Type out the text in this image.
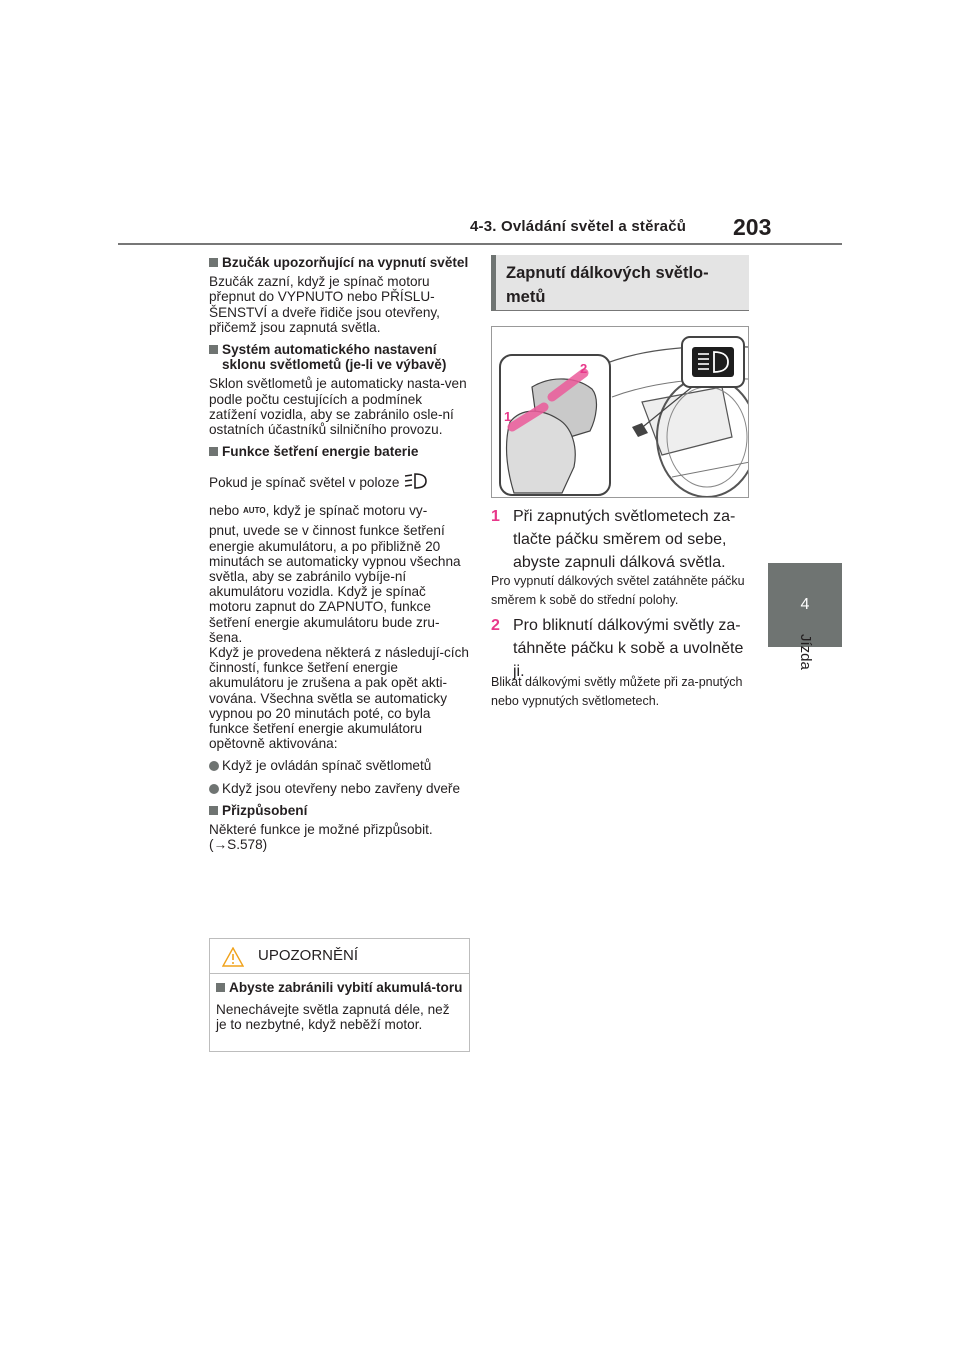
4-3. Ovládání světel a stěračů 203
4
Jízda
Bzučák upozorňující na vypnutí světel

Bzučák zazní, když je spínač motoru přepnut do VYPNUTO nebo PŘÍSLU-ŠENSTVÍ a dveře řidiče jsou otevřeny, přičemž jsou zapnutá světla.

Systém automatického nastavení sklonu světlometů (je-li ve výbavě)

Sklon světlometů je automaticky nasta-ven podle počtu cestujících a podmínek zatížení vozidla, aby se zabránilo osle-ní ostatních účastníků silničního provozu.

Funkce šetření energie baterie

Pokud je spínač světel v poloze

nebo AUTO, když je spínač motoru vy-

pnut, uvede se v činnost funkce šetření energie akumulátoru, a po přibližně 20 minutách se automaticky vypnou všechna světla, aby se zabránilo vybíje-ní akumulátoru vozidla. Když je spínač motoru zapnut do ZAPNUTO, funkce šetření energie akumulátoru bude zru-šena.

Když je provedena některá z následují-cích činností, funkce šetření energie akumulátoru je zrušena a pak opět akti-vována. Všechna světla se automaticky vypnou po 20 minutách poté, co byla funkce šetření energie akumulátoru opětovně aktivována:

Když je ovládán spínač světlometů
Když jsou otevřeny nebo zavřeny dveře
Přizpůsobení

Některé funkce je možné přizpůsobit.

(→S.578)

UPOZORNĚNÍ
Abyste zabránili vybití akumulá-toru

Nenechávejte světla zapnutá déle, než je to nezbytné, když neběží motor.

Zapnutí dálkových světlo-metů
1
2
1 Při zapnutých světlometech za-tlačte páčku směrem od sebe, abyste zapnuli dálková světla.
Pro vypnutí dálkových světel zatáhněte páčku směrem k sobě do střední polohy.
2 Pro bliknutí dálkovými světly za-táhněte páčku k sobě a uvolněte ji.
Blikat dálkovými světly můžete při za-pnutých nebo vypnutých světlometech.
